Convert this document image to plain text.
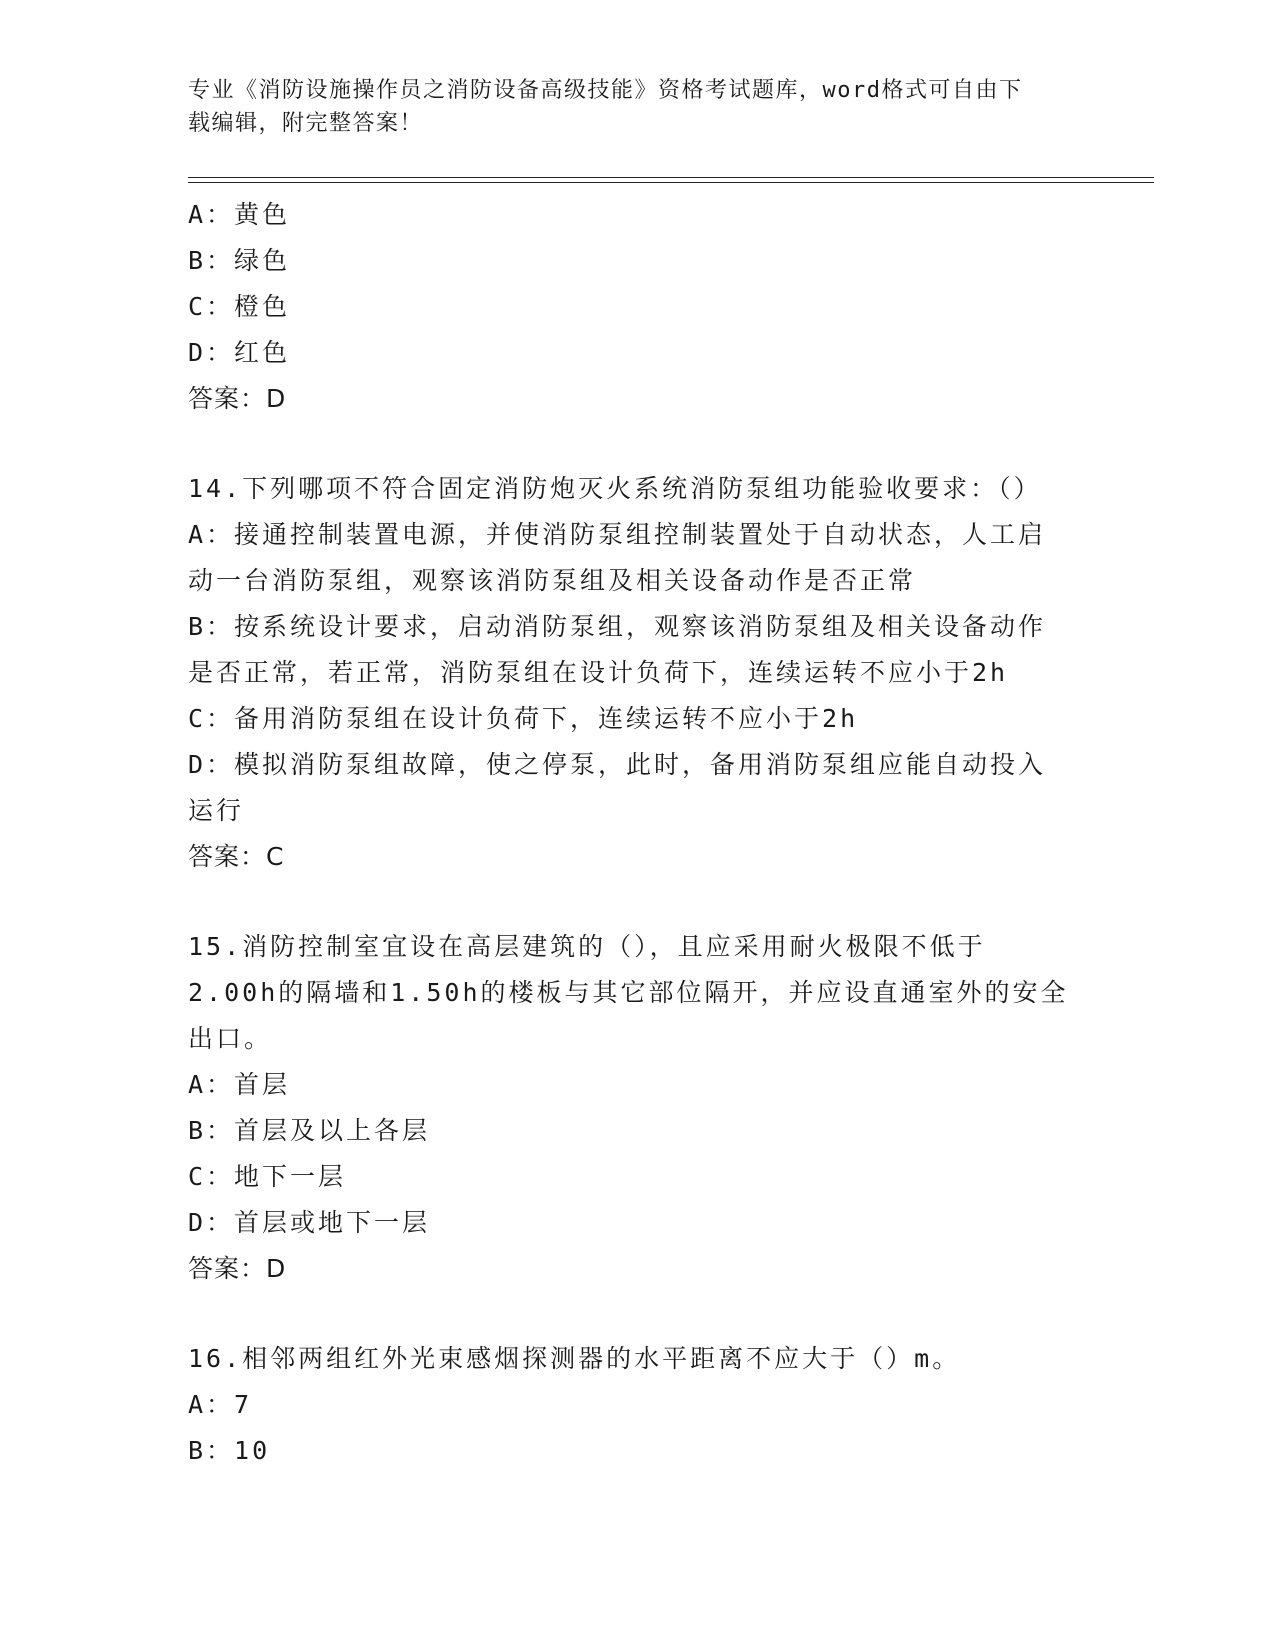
专业《消防设施操作员之消防设备高级技能》资格考试题库，word格式可自由下
载编辑，附完整答案！
A：黄色
B：绿色
C：橙色
D：红色
答案：D
14.下列哪项不符合固定消防炮灭火系统消防泵组功能验收要求：（）
A：接通控制装置电源，并使消防泵组控制装置处于自动状态，人工启
动一台消防泵组，观察该消防泵组及相关设备动作是否正常
B：按系统设计要求，启动消防泵组，观察该消防泵组及相关设备动作
是否正常，若正常，消防泵组在设计负荷下，连续运转不应小于2h
C：备用消防泵组在设计负荷下，连续运转不应小于2h
D：模拟消防泵组故障，使之停泵，此时，备用消防泵组应能自动投入
运行
答案：C
15.消防控制室宜设在高层建筑的（），且应采用耐火极限不低于
2.00h的隔墙和1.50h的楼板与其它部位隔开，并应设直通室外的安全
出口。
A：首层
B：首层及以上各层
C：地下一层
D：首层或地下一层
答案：D
16.相邻两组红外光束感烟探测器的水平距离不应大于（）m。
A：7
B：10
